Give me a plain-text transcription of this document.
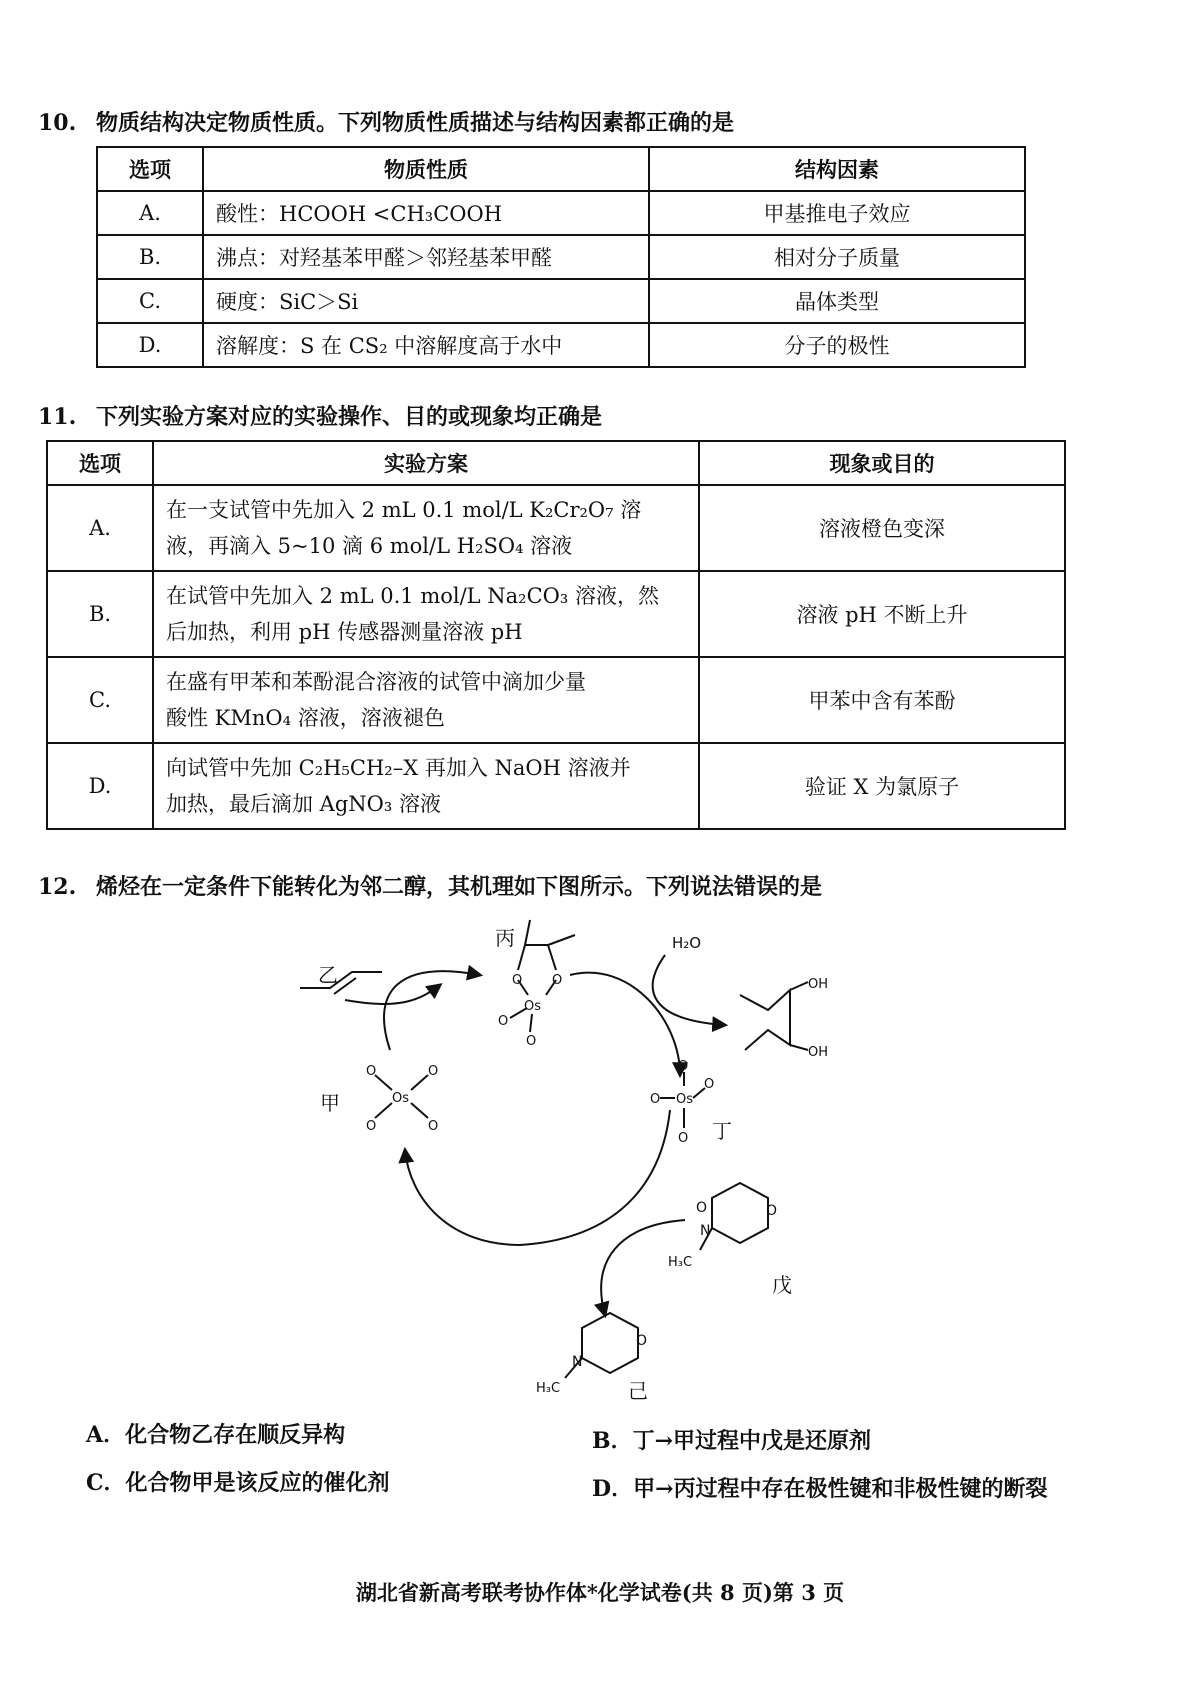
10. 物质结构决定物质性质。下列物质性质描述与结构因素都正确的是
选项	物质性质	结构因素
A.	酸性：HCOOH <CH₃COOH	甲基推电子效应
B.	沸点：对羟基苯甲醛＞邻羟基苯甲醛	相对分子质量
C.	硬度：SiC＞Si	晶体类型
D.	溶解度：S 在 CS₂ 中溶解度高于水中	分子的极性
11. 下列实验方案对应的实验操作、目的或现象均正确是
选项	实验方案	现象或目的
A.	在一支试管中先加入 2 mL 0.1 mol/L K₂Cr₂O₇ 溶
液，再滴入 5~10 滴 6 mol/L H₂SO₄ 溶液	溶液橙色变深
B.	在试管中先加入 2 mL 0.1 mol/L Na₂CO₃ 溶液，然
后加热，利用 pH 传感器测量溶液 pH	溶液 pH 不断上升
C.	在盛有甲苯和苯酚混合溶液的试管中滴加少量
酸性 KMnO₄ 溶液，溶液褪色	甲苯中含有苯酚
D.	向试管中先加 C₂H₅CH₂–X 再加入 NaOH 溶液并
加热，最后滴加 AgNO₃ 溶液	验证 X 为氯原子
12. 烯烃在一定条件下能转化为邻二醇，其机理如下图所示。下列说法错误的是
乙
丙
甲
丁
戊
己
H₂O
O O
Os
O
O
Os
O	O
O	O
Os
O
O
O
O
OH
OH
O
N
O
H₃C
O
N
H₃C
A．化合物乙存在顺反异构	B．丁→甲过程中戊是还原剂
C．化合物甲是该反应的催化剂	D．甲→丙过程中存在极性键和非极性键的断裂
湖北省新高考联考协作体*化学试卷(共 8 页)第 3 页
